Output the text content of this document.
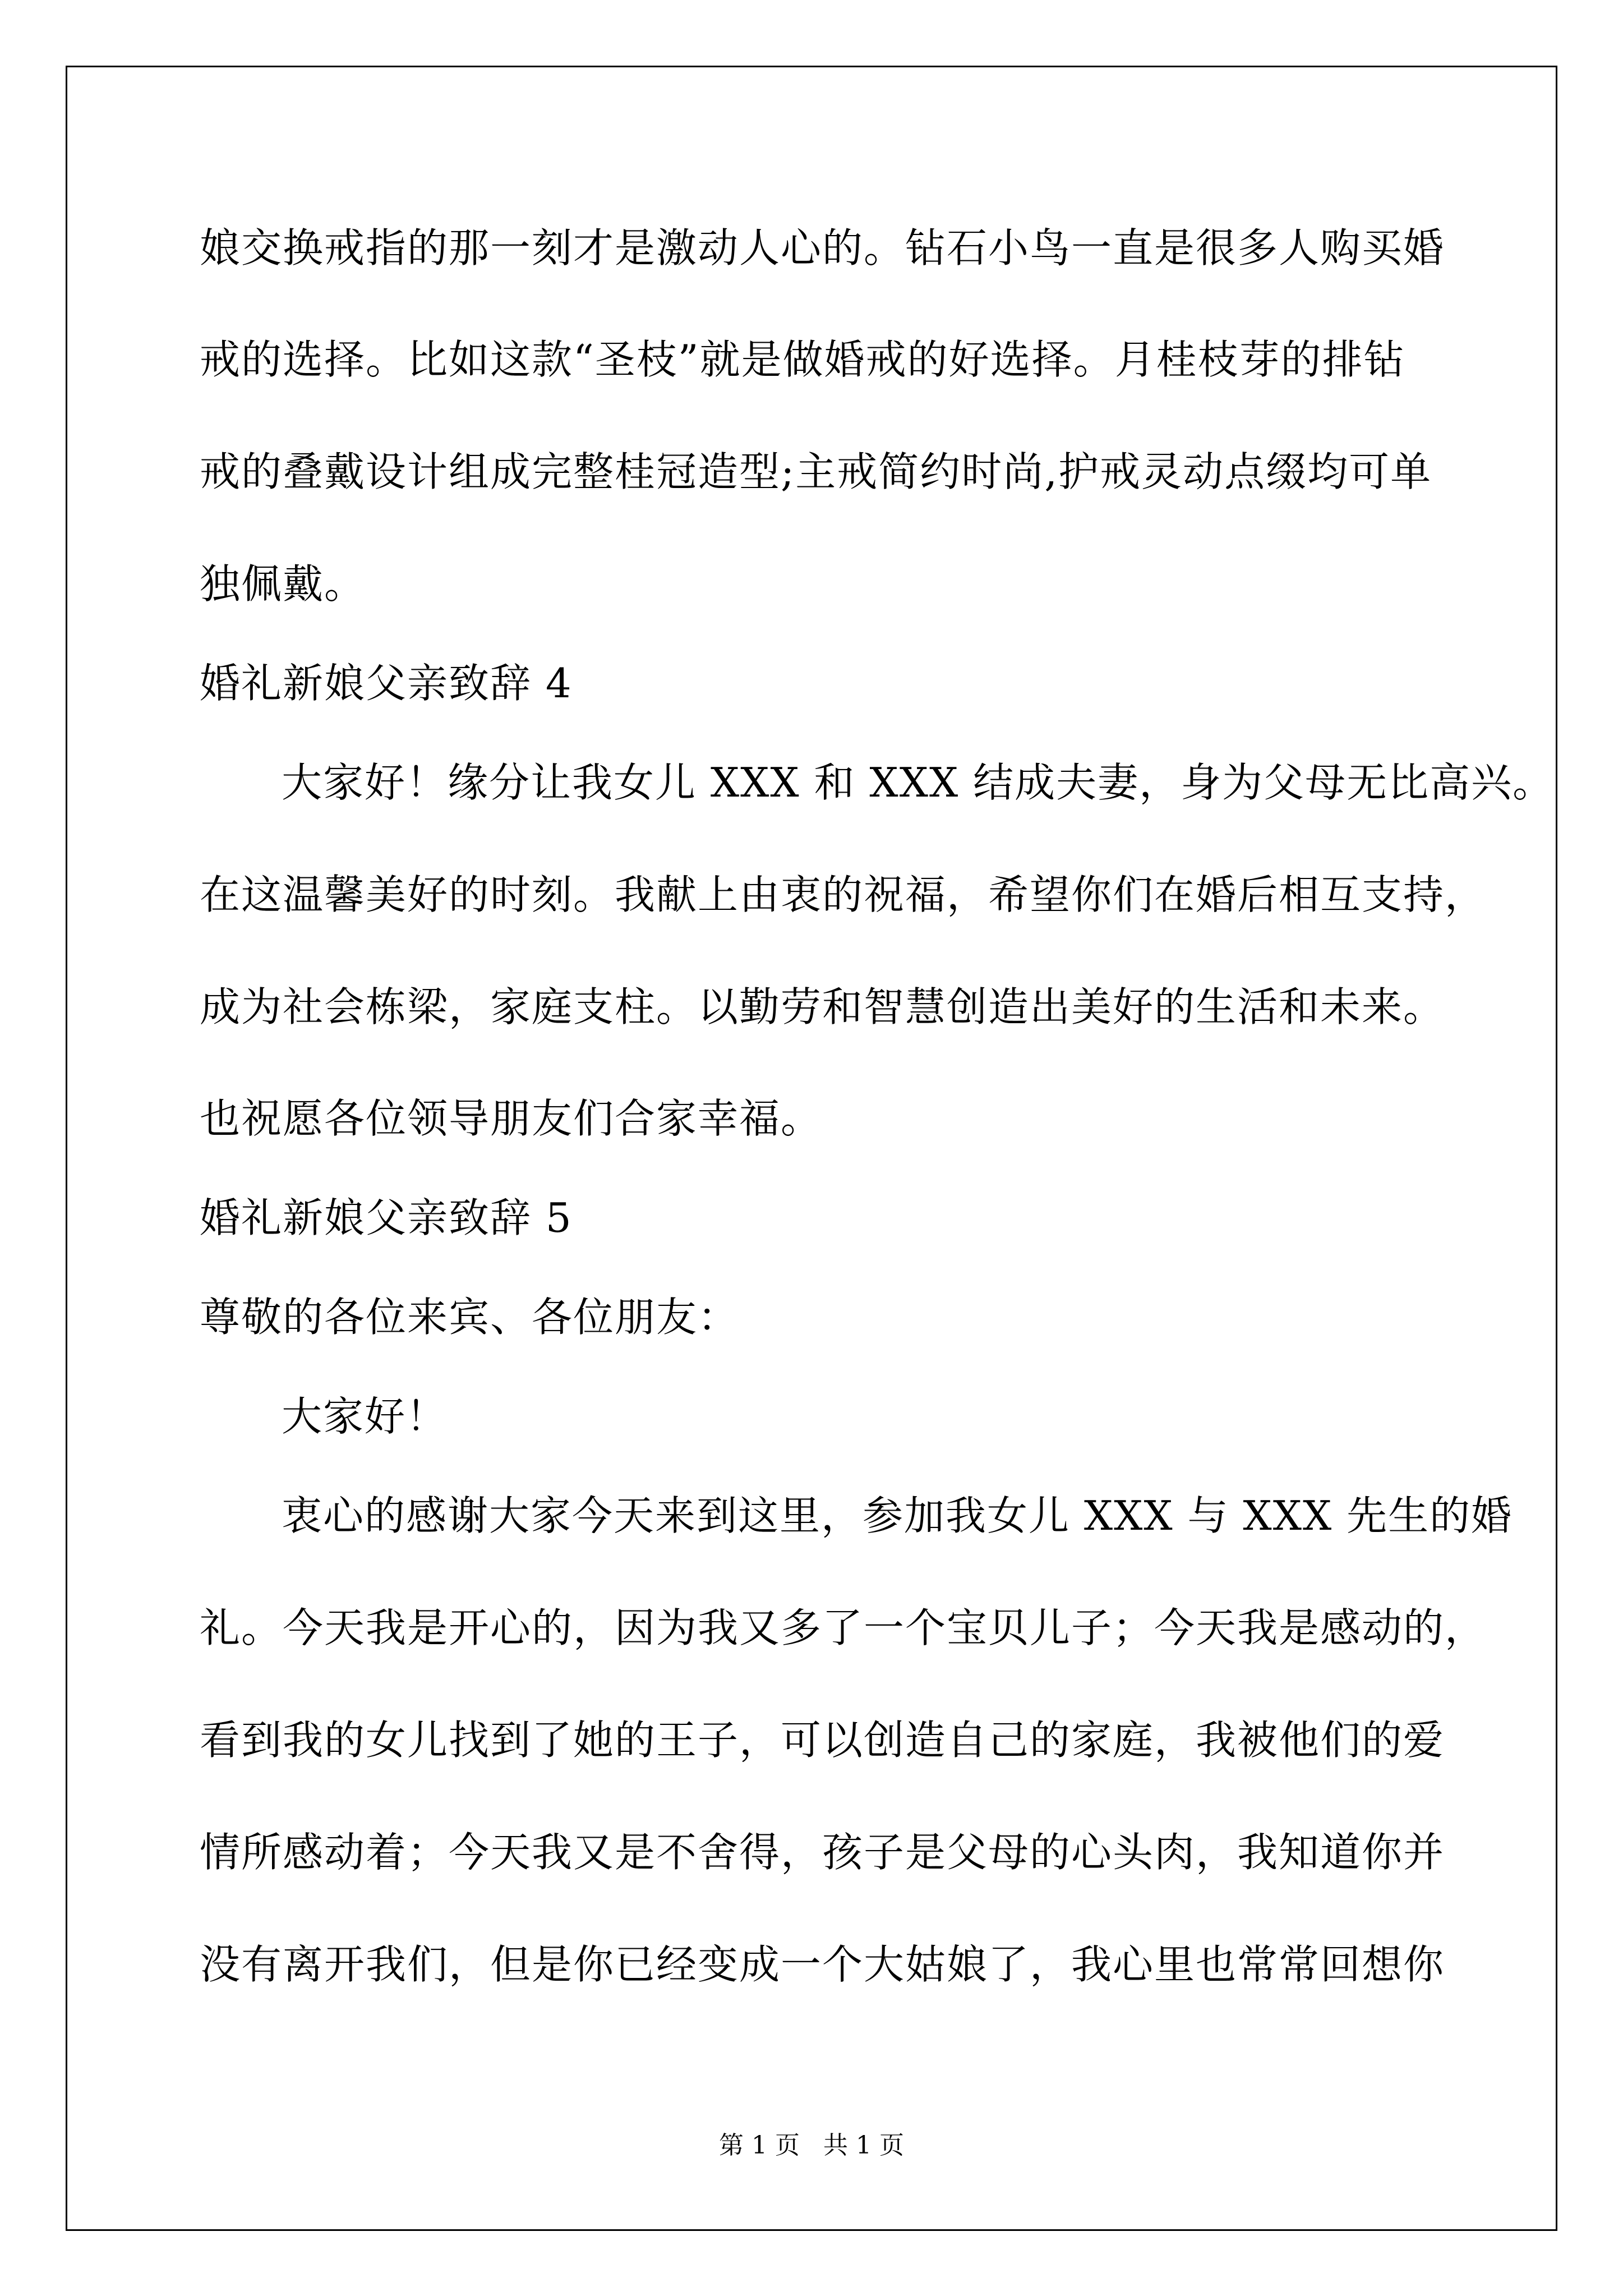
娘交换戒指的那一刻才是激动人心的。钻石小鸟一直是很多人购买婚
戒的选择。比如这款“圣枝”就是做婚戒的好选择。月桂枝芽的排钻
戒的叠戴设计组成完整桂冠造型;主戒简约时尚,护戒灵动点缀均可单
独佩戴。
婚礼新娘父亲致辞 4
大家好！缘分让我女儿 XXX 和 XXX 结成夫妻，身为父母无比高兴。
在这温馨美好的时刻。我献上由衷的祝福，希望你们在婚后相互支持，
成为社会栋梁，家庭支柱。以勤劳和智慧创造出美好的生活和未来。
也祝愿各位领导朋友们合家幸福。
婚礼新娘父亲致辞 5
尊敬的各位来宾、各位朋友：
大家好！
衷心的感谢大家今天来到这里，参加我女儿 XXX 与 XXX 先生的婚
礼。今天我是开心的，因为我又多了一个宝贝儿子；今天我是感动的，
看到我的女儿找到了她的王子，可以创造自己的家庭，我被他们的爱
情所感动着；今天我又是不舍得，孩子是父母的心头肉，我知道你并
没有离开我们，但是你已经变成一个大姑娘了，我心里也常常回想你
第 1 页   共 1 页
